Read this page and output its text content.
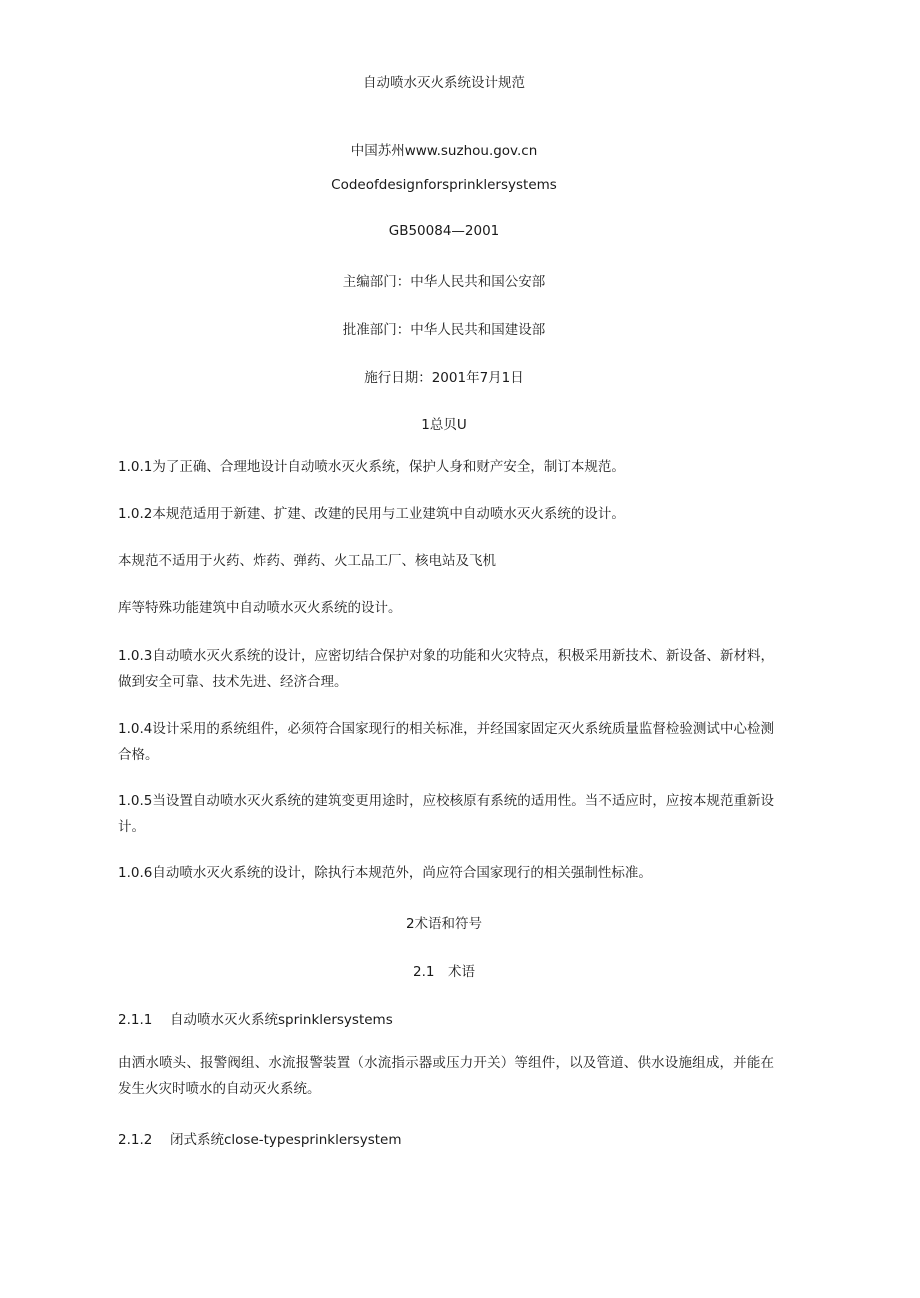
自动喷水灭火系统设计规范
中国苏州www.suzhou.gov.cn
Codeofdesignforsprinklersystems
GB50084—2001
主编部门：中华人民共和国公安部
批准部门：中华人民共和国建设部
施行日期：2001年7月1日
1总贝U
1.0.1为了正确、合理地设计自动喷水灭火系统，保护人身和财产安全，制订本规范。
1.0.2本规范适用于新建、扩建、改建的民用与工业建筑中自动喷水灭火系统的设计。
本规范不适用于火药、炸药、弹药、火工品工厂、核电站及飞机
库等特殊功能建筑中自动喷水灭火系统的设计。
1.0.3自动喷水灭火系统的设计，应密切结合保护对象的功能和火灾特点，积极采用新技术、新设备、新材料，做到安全可靠、技术先进、经济合理。
1.0.4设计采用的系统组件，必须符合国家现行的相关标准，并经国家固定灭火系统质量监督检验测试中心检测合格。
1.0.5当设置自动喷水灭火系统的建筑变更用途时，应校核原有系统的适用性。当不适应时，应按本规范重新设计。
1.0.6自动喷水灭火系统的设计，除执行本规范外，尚应符合国家现行的相关强制性标准。
2术语和符号
2.1　术语
2.1.1 自动喷水灭火系统sprinklersystems
由洒水喷头、报警阀组、水流报警装置（水流指示器或压力开关）等组件，以及管道、供水设施组成，并能在发生火灾时喷水的自动灭火系统。
2.1.2 闭式系统close-typesprinklersystem
